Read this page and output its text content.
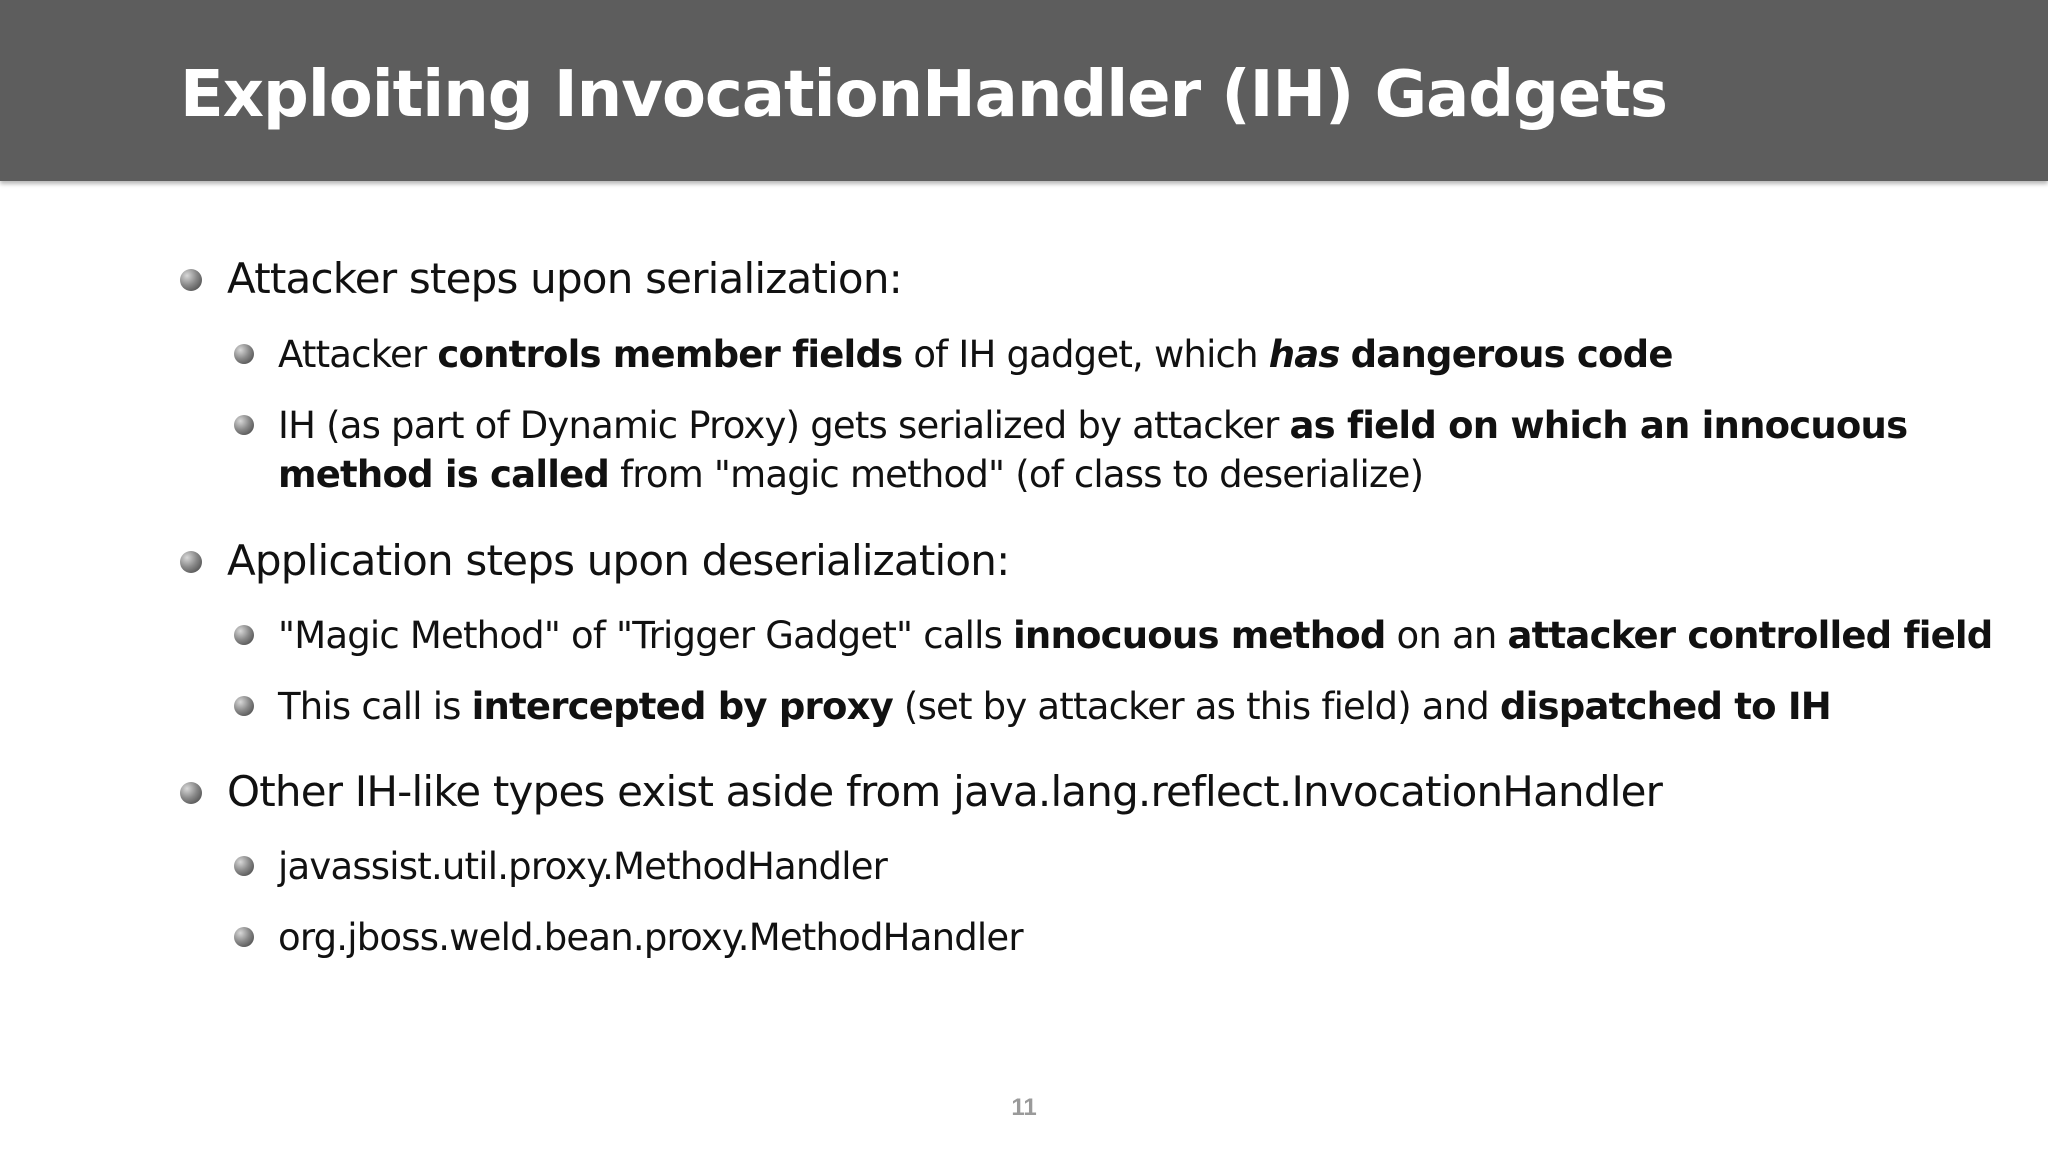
Exploiting InvocationHandler (IH) Gadgets
Attacker steps upon serialization:
Attacker controls member fields of IH gadget, which has dangerous code
IH (as part of Dynamic Proxy) gets serialized by attacker as field on which an innocuous
method is called from "magic method" (of class to deserialize)
Application steps upon deserialization:
"Magic Method" of "Trigger Gadget" calls innocuous method on an attacker controlled field
This call is intercepted by proxy (set by attacker as this field) and dispatched to IH
Other IH-like types exist aside from java.lang.reflect.InvocationHandler
javassist.util.proxy.MethodHandler
org.jboss.weld.bean.proxy.MethodHandler
11
